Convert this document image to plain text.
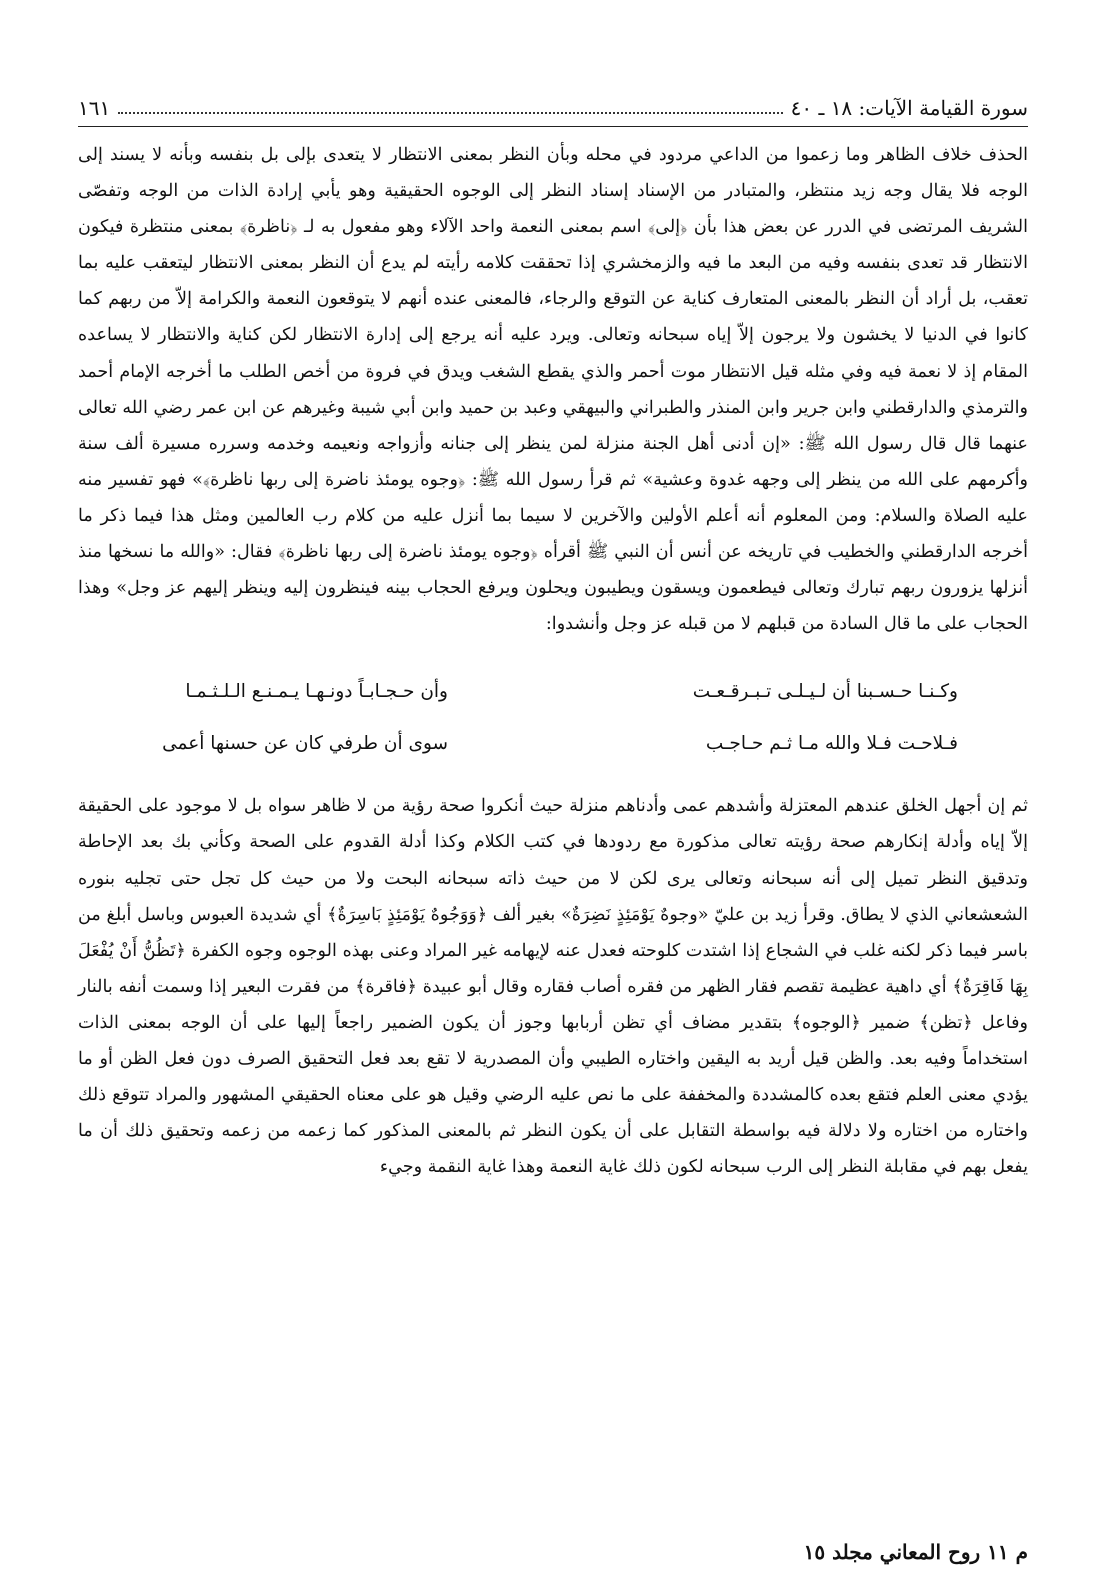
سورة القيامة الآيات: ١٨ ـ ٤٠
١٦١

الحذف خلاف الظاهر وما زعموا من الداعي مردود في محله وبأن النظر بمعنى الانتظار لا يتعدى بإلى بل بنفسه وبأنه لا يسند إلى الوجه فلا يقال وجه زيد منتظر، والمتبادر من الإسناد إسناد النظر إلى الوجوه الحقيقية وهو يأبي إرادة الذات من الوجه وتفصّى الشريف المرتضى في الدرر عن بعض هذا بأن ﴿إلى﴾ اسم بمعنى النعمة واحد الآلاء وهو مفعول به لـ ﴿ناظرة﴾ بمعنى منتظرة فيكون الانتظار قد تعدى بنفسه وفيه من البعد ما فيه والزمخشري إذا تحققت كلامه رأيته لم يدع أن النظر بمعنى الانتظار ليتعقب عليه بما تعقب، بل أراد أن النظر بالمعنى المتعارف كناية عن التوقع والرجاء، فالمعنى عنده أنهم لا يتوقعون النعمة والكرامة إلاّ من ربهم كما كانوا في الدنيا لا يخشون ولا يرجون إلاّ إياه سبحانه وتعالى. ويرد عليه أنه يرجع إلى إدارة الانتظار لكن كناية والانتظار لا يساعده المقام إذ لا نعمة فيه وفي مثله قيل الانتظار موت أحمر والذي يقطع الشغب ويدق في فروة من أخص الطلب ما أخرجه الإمام أحمد والترمذي والدارقطني وابن جرير وابن المنذر والطبراني والبيهقي وعبد بن حميد وابن أبي شيبة وغيرهم عن ابن عمر رضي الله تعالى عنهما قال قال رسول الله ﷺ: «إن أدنى أهل الجنة منزلة لمن ينظر إلى جنانه وأزواجه ونعيمه وخدمه وسرره مسيرة ألف سنة وأكرمهم على الله من ينظر إلى وجهه غدوة وعشية» ثم قرأ رسول الله ﷺ: ﴿وجوه يومئذ ناضرة إلى ربها ناظرة﴾» فهو تفسير منه عليه الصلاة والسلام: ومن المعلوم أنه أعلم الأولين والآخرين لا سيما بما أنزل عليه من كلام رب العالمين ومثل هذا فيما ذكر ما أخرجه الدارقطني والخطيب في تاريخه عن أنس أن النبي ﷺ أقرأه ﴿وجوه يومئذ ناضرة إلى ربها ناظرة﴾ فقال: «والله ما نسخها منذ أنزلها يزورون ربهم تبارك وتعالى فيطعمون ويسقون ويطيبون ويحلون ويرفع الحجاب بينه فينظرون إليه وينظر إليهم عز وجل» وهذا الحجاب على ما قال السادة من قبلهم لا من قبله عز وجل وأنشدوا:

وكـنـا حـسـبنا أن لـيـلـى تـبـرقـعـت
وأن حـجـابـاً دونـهـا يـمـنـع الـلـثـمـا
فـلاحـت فـلا والله مـا ثـم حـاجـب
سوى أن طرفي كان عن حسنها أعمى

ثم إن أجهل الخلق عندهم المعتزلة وأشدهم عمى وأدناهم منزلة حيث أنكروا صحة رؤية من لا ظاهر سواه بل لا موجود على الحقيقة إلاّ إياه وأدلة إنكارهم صحة رؤيته تعالى مذكورة مع ردودها في كتب الكلام وكذا أدلة القدوم على الصحة وكأني بك بعد الإحاطة وتدقيق النظر تميل إلى أنه سبحانه وتعالى يرى لكن لا من حيث ذاته سبحانه البحت ولا من حيث كل تجل حتى تجليه بنوره الشعشعاني الذي لا يطاق. وقرأ زيد بن عليّ «وجوهٌ يَوْمَئِذٍ نَضِرَةٌ» بغير ألف ﴿وَوَجُوهٌ يَوْمَئِذٍ بَاسِرَةٌ﴾ أي شديدة العبوس وباسل أبلغ من باسر فيما ذكر لكنه غلب في الشجاع إذا اشتدت كلوحته فعدل عنه لإيهامه غير المراد وعنى بهذه الوجوه وجوه الكفرة ﴿تَظُنُّ أَنْ يُفْعَلَ بِهَا فَاقِرَةٌ﴾ أي داهية عظيمة تقصم فقار الظهر من فقره أصاب فقاره وقال أبو عبيدة ﴿فاقرة﴾ من فقرت البعير إذا وسمت أنفه بالنار وفاعل ﴿تظن﴾ ضمير ﴿الوجوه﴾ بتقدير مضاف أي تظن أربابها وجوز أن يكون الضمير راجعاً إليها على أن الوجه بمعنى الذات استخداماً وفيه بعد. والظن قيل أريد به اليقين واختاره الطيبي وأن المصدرية لا تقع بعد فعل التحقيق الصرف دون فعل الظن أو ما يؤدي معنى العلم فتقع بعده كالمشددة والمخففة على ما نص عليه الرضي وقيل هو على معناه الحقيقي المشهور والمراد تتوقع ذلك واختاره من اختاره ولا دلالة فيه بواسطة التقابل على أن يكون النظر ثم بالمعنى المذكور كما زعمه من زعمه وتحقيق ذلك أن ما يفعل بهم في مقابلة النظر إلى الرب سبحانه لكون ذلك غاية النعمة وهذا غاية النقمة وجيء

م ١١ روح المعاني مجلد ١٥
